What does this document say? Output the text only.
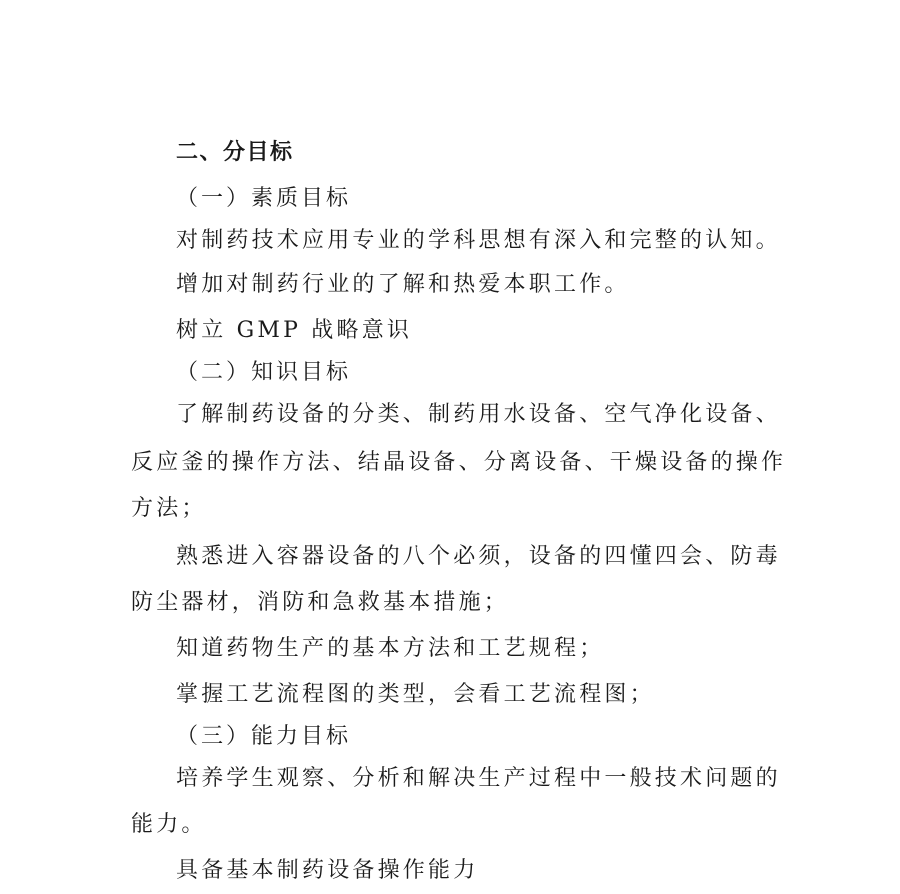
二、分目标
（一）素质目标
对制药技术应用专业的学科思想有深入和完整的认知。
增加对制药行业的了解和热爱本职工作。
树立 GMP 战略意识
（二）知识目标
了解制药设备的分类、制药用水设备、空气净化设备、
反应釜的操作方法、结晶设备、分离设备、干燥设备的操作
方法；
熟悉进入容器设备的八个必须，设备的四懂四会、防毒
防尘器材，消防和急救基本措施；
知道药物生产的基本方法和工艺规程；
掌握工艺流程图的类型，会看工艺流程图；
（三）能力目标
培养学生观察、分析和解决生产过程中一般技术问题的
能力。
具备基本制药设备操作能力
